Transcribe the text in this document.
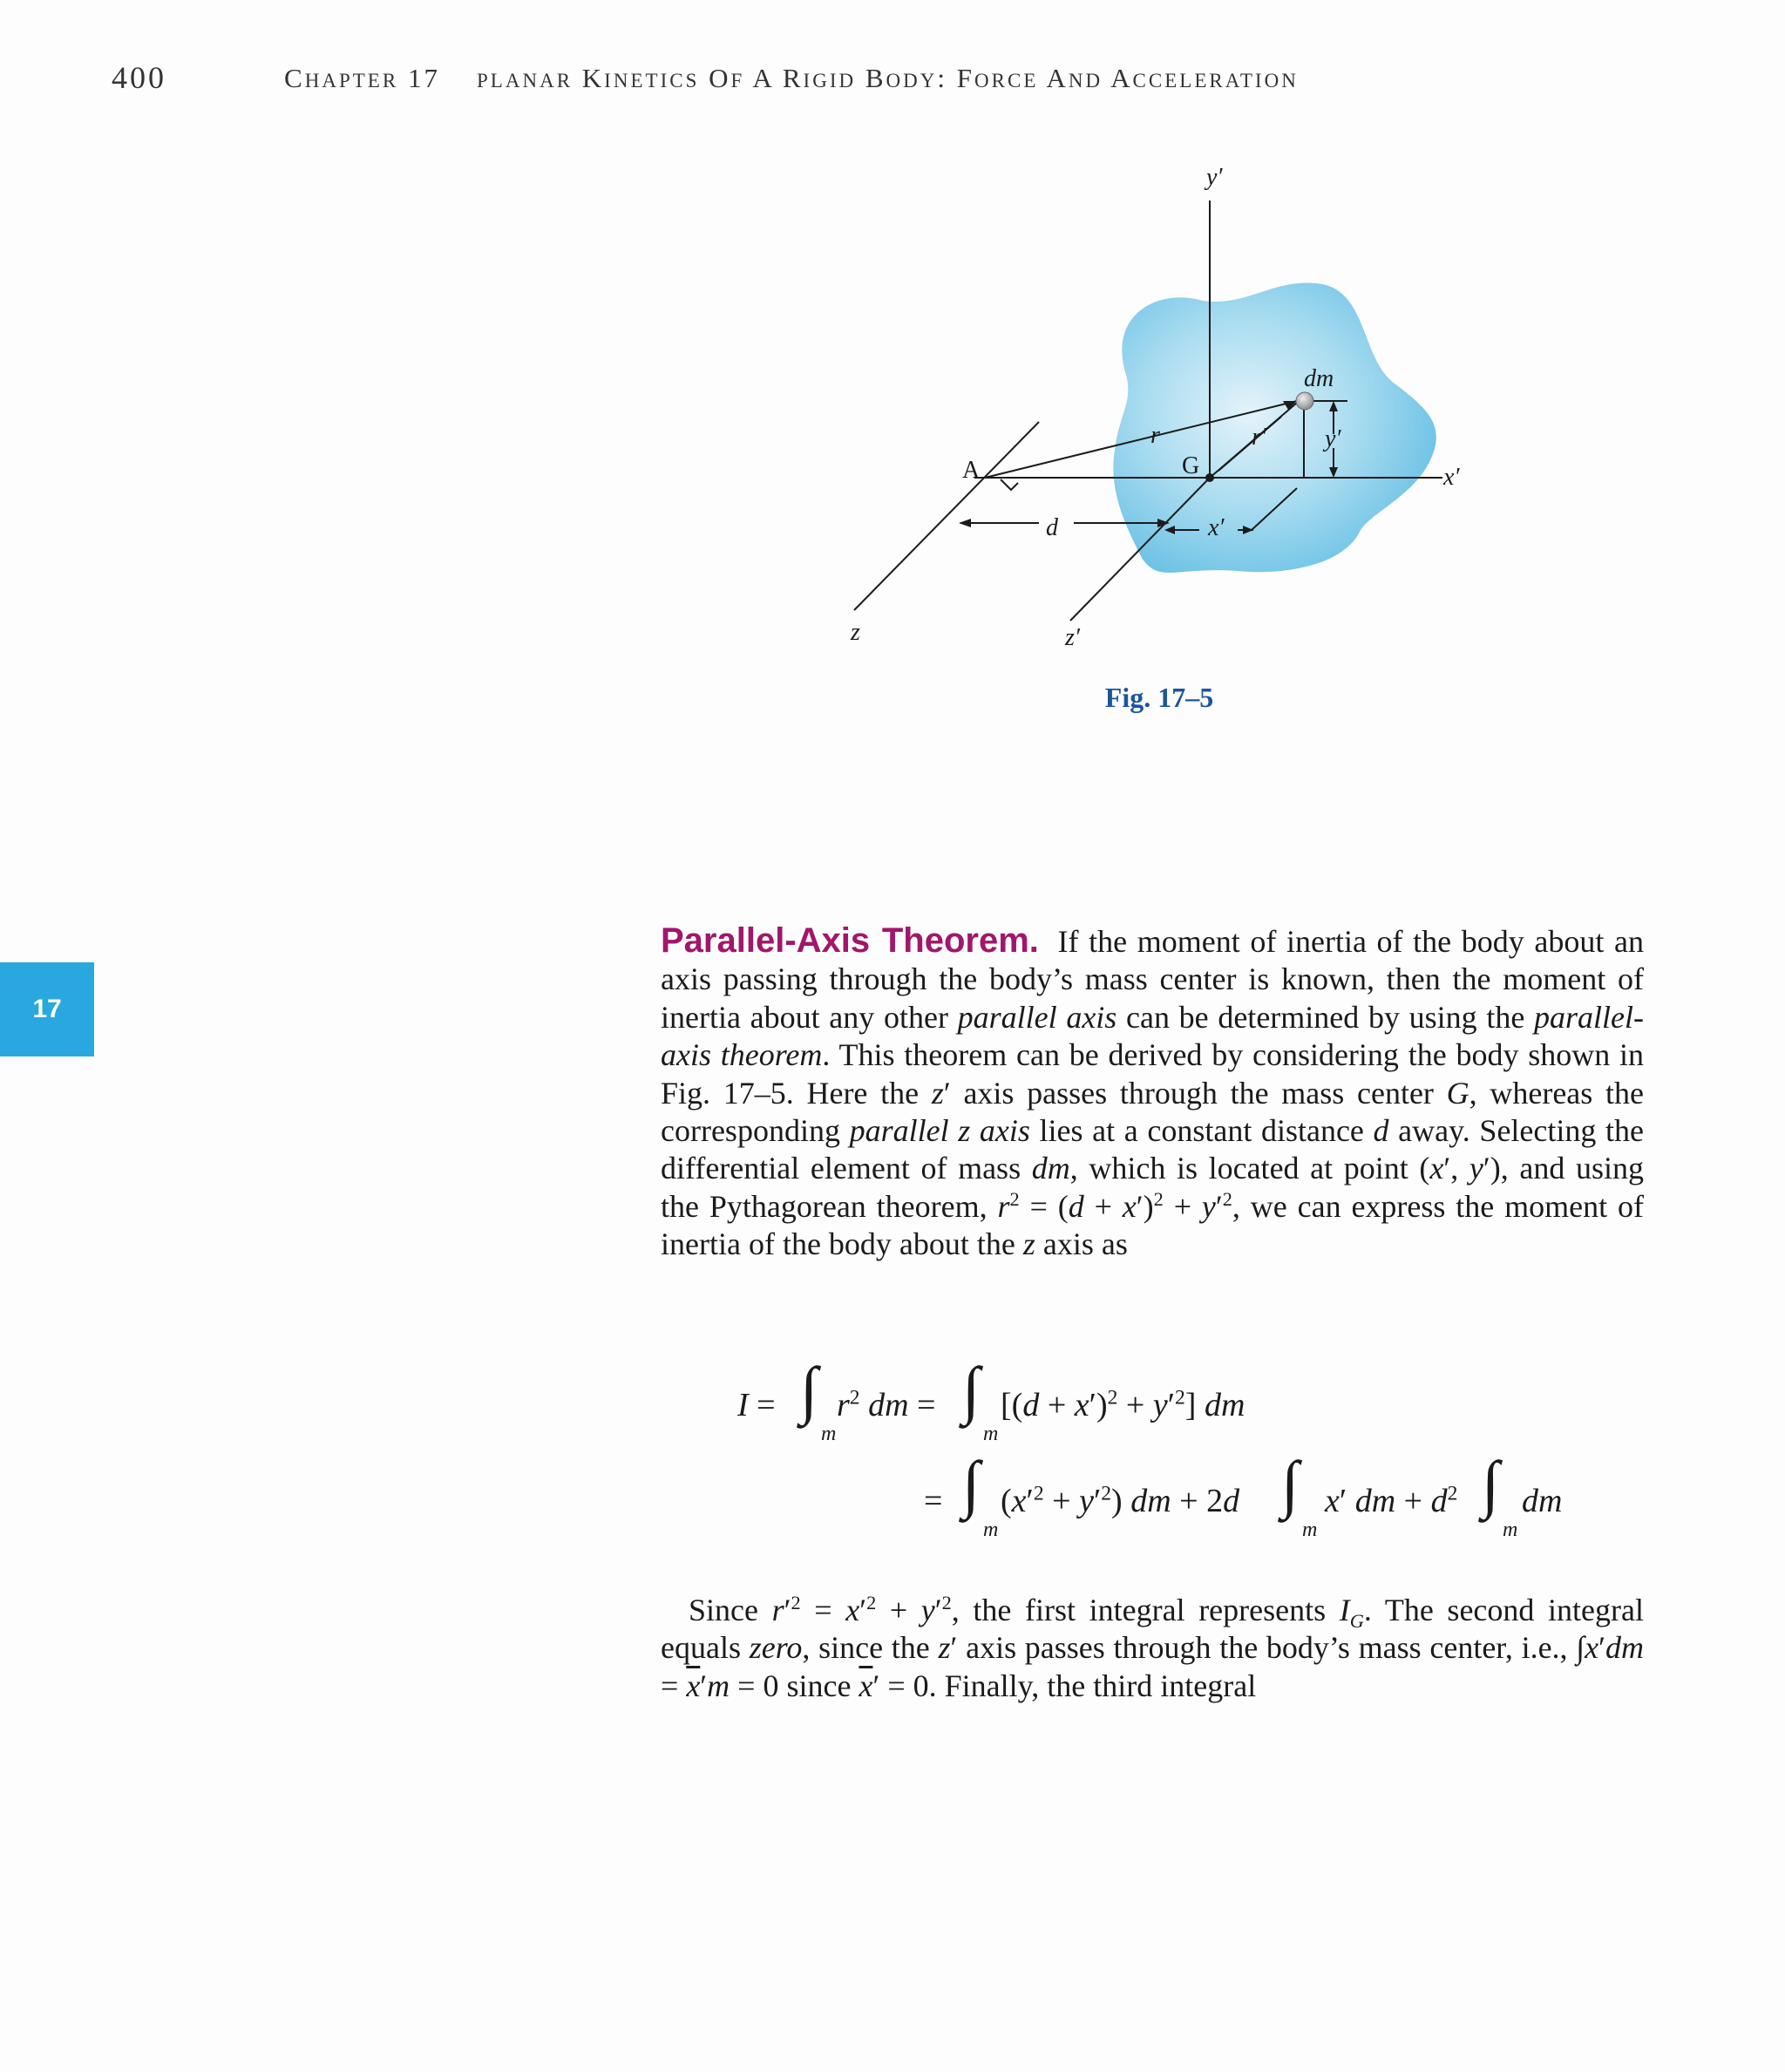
400	CHAPTER 17 PLANAR KINETICS OF A RIGID BODY: FORCE AND ACCELERATION
y′
dm
r	r′ y′
A	G	x′
d	x′
z	z′
Fig. 17–5
17

Parallel-Axis Theorem. If the moment of inertia of the body about an axis passing through the body’s mass center is known, then the moment of inertia about any other parallel axis can be determined by using the parallel-axis theorem. This theorem can be derived by considering the body shown in Fig. 17–5. Here the z′ axis passes through the mass center G, whereas the corresponding parallel z axis lies at a constant distance d away. Selecting the differential element of mass dm, which is located at point (x′, y′), and using the Pythagorean theorem, $r^2 = (d + x')^2 + y'^2$, we can express the moment of inertia of the body about the z axis as

I = ∫
m
$r^2$ dm = ∫
m
$[(d + x')^2 + y'^2]$ dm
= ∫
m
$(x'^2 + y'^2)$ dm + 2d ∫
m
x′ dm + $d^2$ ∫
m
dm

Since $r'^2 = x'^2 + y'^2$, the first integral represents $I_G$. The second integral equals zero, since the z′ axis passes through the body’s mass center, i.e., $\int x'dm = \overline{x}'m = 0$ since $\overline{x}' = 0$. Finally, the third integral
